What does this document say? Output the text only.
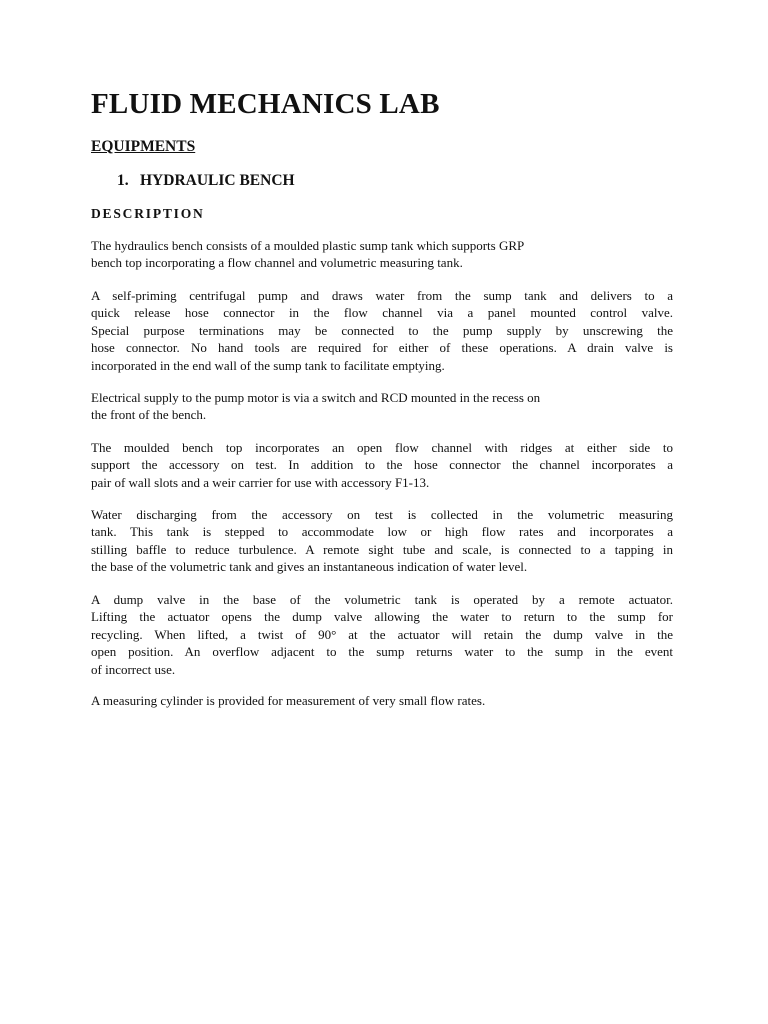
FLUID MECHANICS LAB
EQUIPMENTS
1. HYDRAULIC BENCH
DESCRIPTION

The hydraulics bench consists of a moulded plastic sump tank which supports GRP
bench top incorporating a flow channel and volumetric measuring tank.

A self-priming centrifugal pump and draws water from the sump tank and delivers to a
quick release hose connector in the flow channel via a panel mounted control valve.
Special purpose terminations may be connected to the pump supply by unscrewing the
hose connector. No hand tools are required for either of these operations. A drain valve is
incorporated in the end wall of the sump tank to facilitate emptying.

Electrical supply to the pump motor is via a switch and RCD mounted in the recess on
the front of the bench.

The moulded bench top incorporates an open flow channel with ridges at either side to
support the accessory on test. In addition to the hose connector the channel incorporates a
pair of wall slots and a weir carrier for use with accessory F1-13.

Water discharging from the accessory on test is collected in the volumetric measuring
tank. This tank is stepped to accommodate low or high flow rates and incorporates a
stilling baffle to reduce turbulence. A remote sight tube and scale, is connected to a tapping in
the base of the volumetric tank and gives an instantaneous indication of water level.

A dump valve in the base of the volumetric tank is operated by a remote actuator.
Lifting the actuator opens the dump valve allowing the water to return to the sump for
recycling. When lifted, a twist of 90° at the actuator will retain the dump valve in the
open position. An overflow adjacent to the sump returns water to the sump in the event
of incorrect use.

A measuring cylinder is provided for measurement of very small flow rates.
